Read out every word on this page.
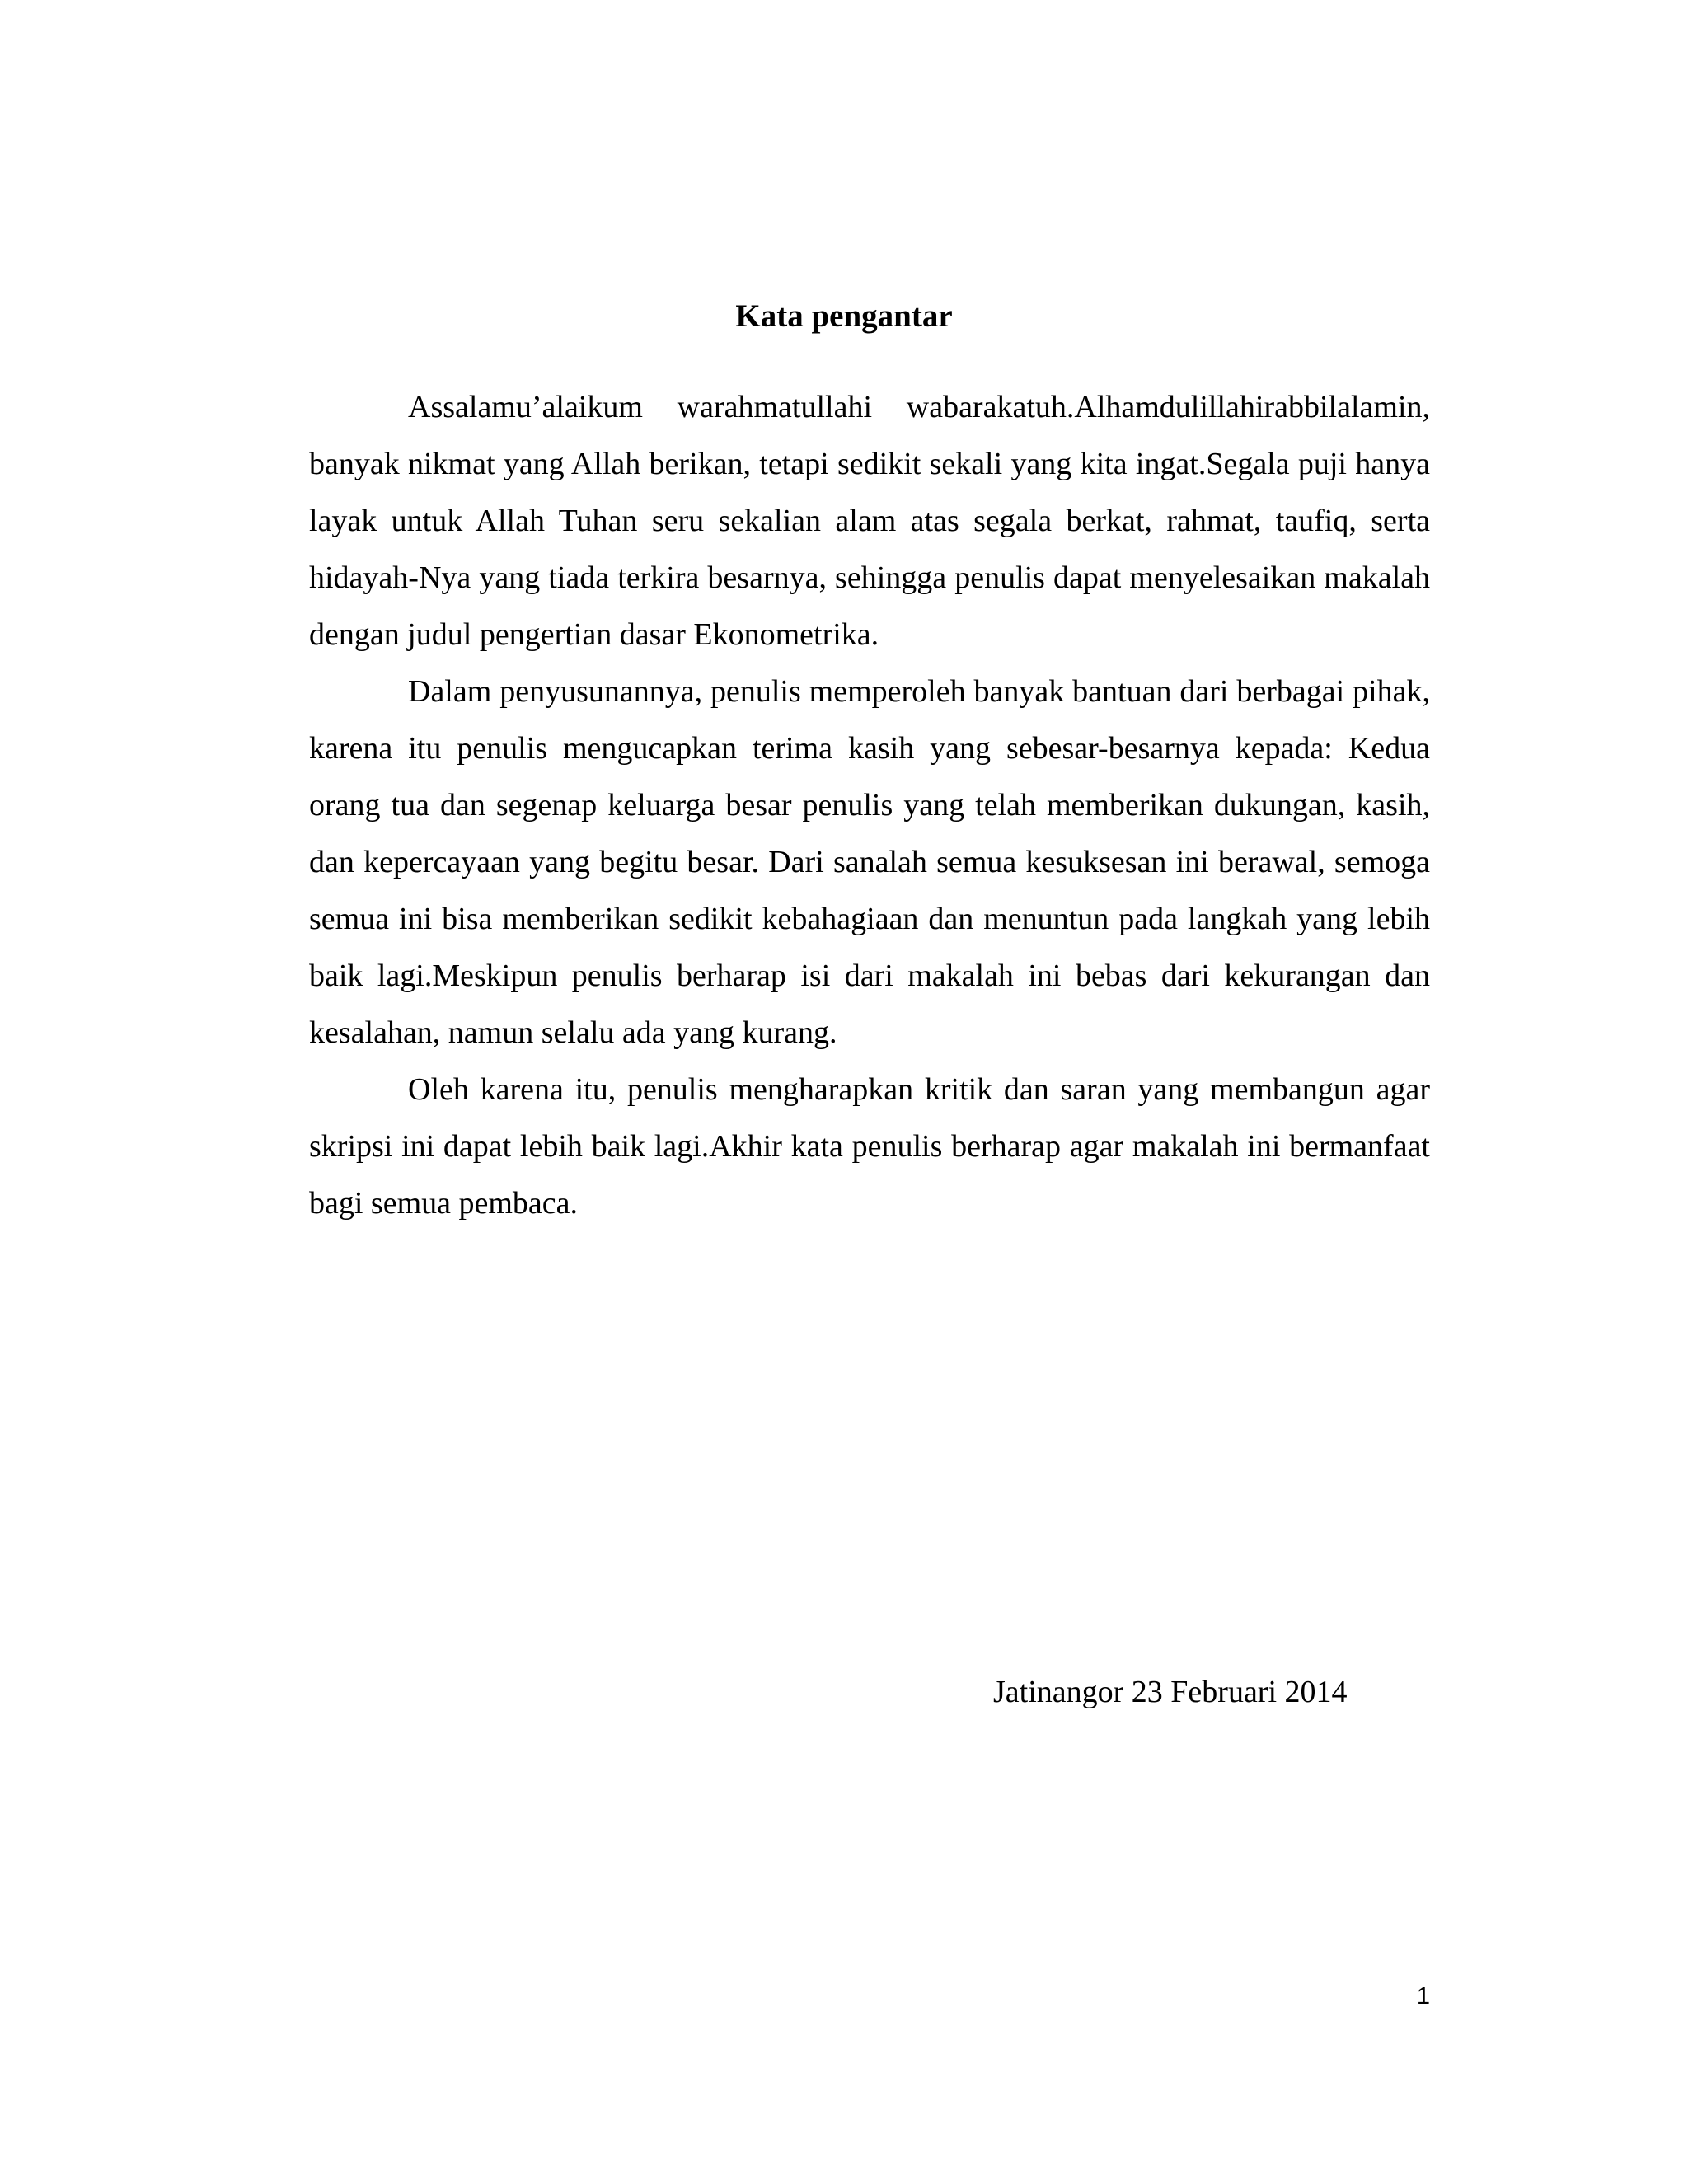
Kata pengantar

Assalamu’alaikum warahmatullahi wabarakatuh.Alhamdulillahirabbilalamin, banyak nikmat yang Allah berikan, tetapi sedikit sekali yang kita ingat.Segala puji hanya layak untuk Allah Tuhan seru sekalian alam atas segala berkat, rahmat, taufiq, serta hidayah-Nya yang tiada terkira besarnya, sehingga penulis dapat menyelesaikan makalah dengan judul pengertian dasar Ekonometrika.

Dalam penyusunannya, penulis memperoleh banyak bantuan dari berbagai pihak, karena itu penulis mengucapkan terima kasih yang sebesar-besarnya kepada: Kedua orang tua dan segenap keluarga besar penulis yang telah memberikan dukungan, kasih, dan kepercayaan yang begitu besar. Dari sanalah semua kesuksesan ini berawal, semoga semua ini bisa memberikan sedikit kebahagiaan dan menuntun pada langkah yang lebih baik lagi.Meskipun penulis berharap isi dari makalah ini bebas dari kekurangan dan kesalahan, namun selalu ada yang kurang.

Oleh karena itu, penulis mengharapkan kritik dan saran yang membangun agar skripsi ini dapat lebih baik lagi.Akhir kata penulis berharap agar makalah ini bermanfaat bagi semua pembaca.

Jatinangor 23 Februari 2014

1
